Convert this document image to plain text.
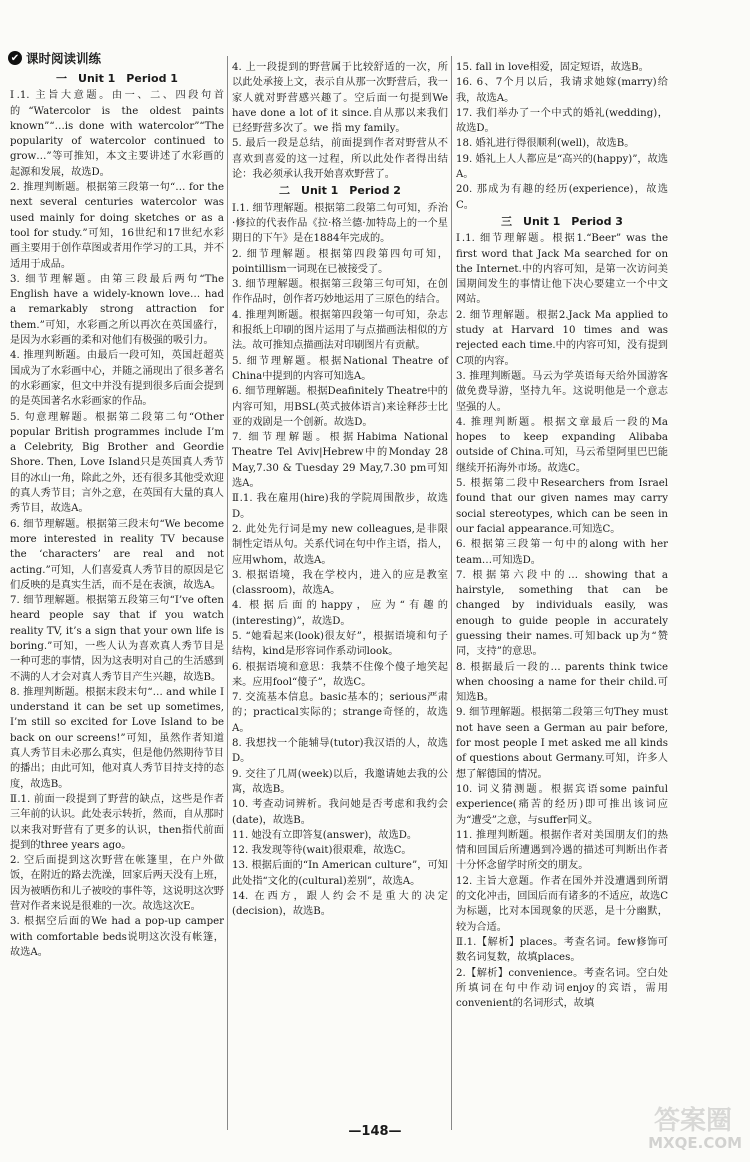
✔ 课时阅读训练
一　Unit 1　Period 1

Ⅰ.1. 主旨大意题。由一、二、四段句首的“Watercolor is the oldest paints known”“…is done with watercolor”“The popularity of watercolor continued to grow…”等可推知，本文主要讲述了水彩画的起源和发展，故选D。

2. 推理判断题。根据第三段第一句“… for the next several centuries watercolor was used mainly for doing sketches or as a tool for study.”可知，16世纪和17世纪水彩画主要用于创作草图或者用作学习的工具，并不适用于成品。

3. 细节理解题。由第三段最后两句“The English have a widely-known love… had a remarkably strong attraction for them.”可知，水彩画之所以再次在英国盛行，是因为水彩画的柔和对他们有极强的吸引力。

4. 推理判断题。由最后一段可知，英国赶超英国成为了水彩画中心，并随之涌现出了很多著名的水彩画家，但文中并没有提到很多后面会提到的是英国著名水彩画家的作品。

5. 句意理解题。根据第二段第二句“Other popular British programmes include I’m a Celebrity, Big Brother and Geordie Shore. Then, Love Island只是英国真人秀节目的冰山一角，除此之外，还有很多其他受欢迎的真人秀节目；言外之意，在英国有大量的真人秀节目，故选A。

6. 细节理解题。根据第三段末句“We become more interested in reality TV because the ‘characters’ are real and not acting.”可知，人们喜爱真人秀节目的原因是它们反映的是真实生活，而不是在表演，故选A。

7. 细节理解题。根据第五段第三句“I’ve often heard people say that if you watch reality TV, it’s a sign that your own life is boring.”可知，一些人认为喜欢真人秀节目是一种可悲的事情，因为这表明对自己的生活感到不满的人才会对真人秀节目产生兴趣，故选B。

8. 推理判断题。根据末段末句“… and while I understand it can be set up sometimes, I’m still so excited for Love Island to be back on our screens!”可知，虽然作者知道真人秀节目未必那么真实，但是他仍然期待节目的播出；由此可知，他对真人秀节目持支持的态度，故选B。

Ⅱ.1. 前面一段提到了野营的缺点，这些是作者三年前的认识。此处表示转折，然而，自从那时以来我对野营有了更多的认识，then指代前面提到的three years ago。

2. 空后面提到这次野营在帐篷里，在户外做饭，在附近的路去洗澡，回家后两天没有上班，因为被晒伤和儿子被咬的事件等，这说明这次野营对作者来说是很难的一次。故选这次E。

3. 根据空后面的We had a pop-up camper with comfortable beds说明这次没有帐篷，故选A。

4. 上一段提到的野营属于比较舒适的一次，所以此处承接上文，表示自从那一次野营后，我一家人就对野营感兴趣了。空后面一句提到We have done a lot of it since.自从那以来我们已经野营多次了。we 指 my family。

5. 最后一段是总结，前面提到作者对野营从不喜欢到喜爱的这一过程，所以此处作者得出结论：我必须承认我开始喜欢野营了。

二　Unit 1　Period 2

Ⅰ.1. 细节理解题。根据第二段第二句可知，乔治·修拉的代表作品《拉·格兰德·加特岛上的一个星期日的下午》是在1884年完成的。

2. 细节理解题。根据第四段第四句可知，pointillism一词现在已被接受了。

3. 细节理解题。根据第三段第三句可知，在创作作品时，创作者巧妙地运用了三原色的结合。

4. 推理判断题。根据第四段第一句可知，杂志和报纸上印刷的图片运用了与点描画法相似的方法。故可推知点描画法对印刷图片有贡献。

5. 细节理解题。根据National Theatre of China中提到的内容可知选A。

6. 细节理解题。根据Deafinitely Theatre中的内容可知，用BSL(英式披体语言)来诠释莎士比亚的戏剧是一个创新。故选D。

7. 细节理解题。根据Habima National Theatre Tel Aviv|Hebrew中的Monday 28 May,7.30 & Tuesday 29 May,7.30 pm可知选A。

Ⅱ.1. 我在雇用(hire)我的学院周围散步，故选D。

2. 此处先行词是my new colleagues,是非限制性定语从句。关系代词在句中作主语，指人，应用whom，故选A。

3. 根据语境，我在学校内，进入的应是教室(classroom)，故选A。

4. 根据后面的happy，应为“有趣的(interesting)”，故选D。

5. “她看起来(look)很友好”，根据语境和句子结构，kind是形容词作系动词look。

6. 根据语境和意思：我禁不住像个傻子地笑起来。应用fool“傻子”，故选C。

7. 交流基本信息。basic基本的；serious严肃的；practical实际的；strange奇怪的，故选A。

8. 我想找一个能辅导(tutor)我汉语的人，故选D。

9. 交往了几周(week)以后，我邀请她去我的公寓，故选B。

10. 考查动词辨析。我问她是否考虑和我约会(date)，故选B。

11. 她没有立即答复(answer)，故选D。

12. 我发现等待(wait)很艰难，故选C。

13. 根据后面的“In American culture”，可知此处指“文化的(cultural)差别”，故选A。

14. 在西方，跟人约会不是重大的决定(decision)，故选B。

15. fall in love相爱，固定短语，故选B。

16. 6、7个月以后，我请求她嫁(marry)给我，故选A。

17. 我们举办了一个中式的婚礼(wedding)，故选D。

18. 婚礼进行得很顺利(well)，故选B。

19. 婚礼上人人都应是“高兴的(happy)”，故选A。

20. 那成为有趣的经历(experience)，故选C。

三　Unit 1　Period 3

Ⅰ.1. 细节理解题。根据1.“Beer” was the first word that Jack Ma searched for on the Internet.中的内容可知，是第一次访问美国期间发生的事情让他下决心要建立一个中文网站。

2. 细节理解题。根据2.Jack Ma applied to study at Harvard 10 times and was rejected each time.中的内容可知，没有提到C项的内容。

3. 推理判断题。马云为学英语每天给外国游客做免费导游，坚持九年。这说明他是一个意志坚强的人。

4. 推理判断题。根据文章最后一段的Ma hopes to keep expanding Alibaba outside of China.可知，马云希望阿里巴巴能继续开拓海外市场。故选C。

5. 根据第二段中Researchers from Israel found that our given names may carry social stereotypes, which can be seen in our facial appearance.可知选C。

6. 根据第三段第一句中的along with her team…可知选D。

7. 根据第六段中的… showing that a hairstyle, something that can be changed by individuals easily, was enough to guide people in accurately guessing their names.可知back up为“赞同，支持”的意思。

8. 根据最后一段的… parents think twice when choosing a name for their child.可知选B。

9. 细节理解题。根据第二段第三句They must not have seen a German au pair before, for most people I met asked me all kinds of questions about Germany.可知，许多人想了解德国的情况。

10. 词义猜测题。根据宾语some painful experience(痛苦的经历)即可推出该词应为“遭受”之意，与suffer同义。

11. 推理判断题。根据作者对美国朋友们的热情和回国后所遭遇到冷遇的描述可判断出作者十分怀念留学时所交的朋友。

12. 主旨大意题。作者在国外并没遭遇到所谓的文化冲击，回国后而有诸多的不适应，故选C为标题，比对本国现象的厌恶，是十分幽默，较为合适。

Ⅱ.1.【解析】places。考查名词。few修饰可数名词复数，故填places。

2.【解析】convenience。考查名词。空白处所填词在句中作动词enjoy的宾语，需用convenient的名词形式，故填

—148—	答案圈
MXQE.COM
